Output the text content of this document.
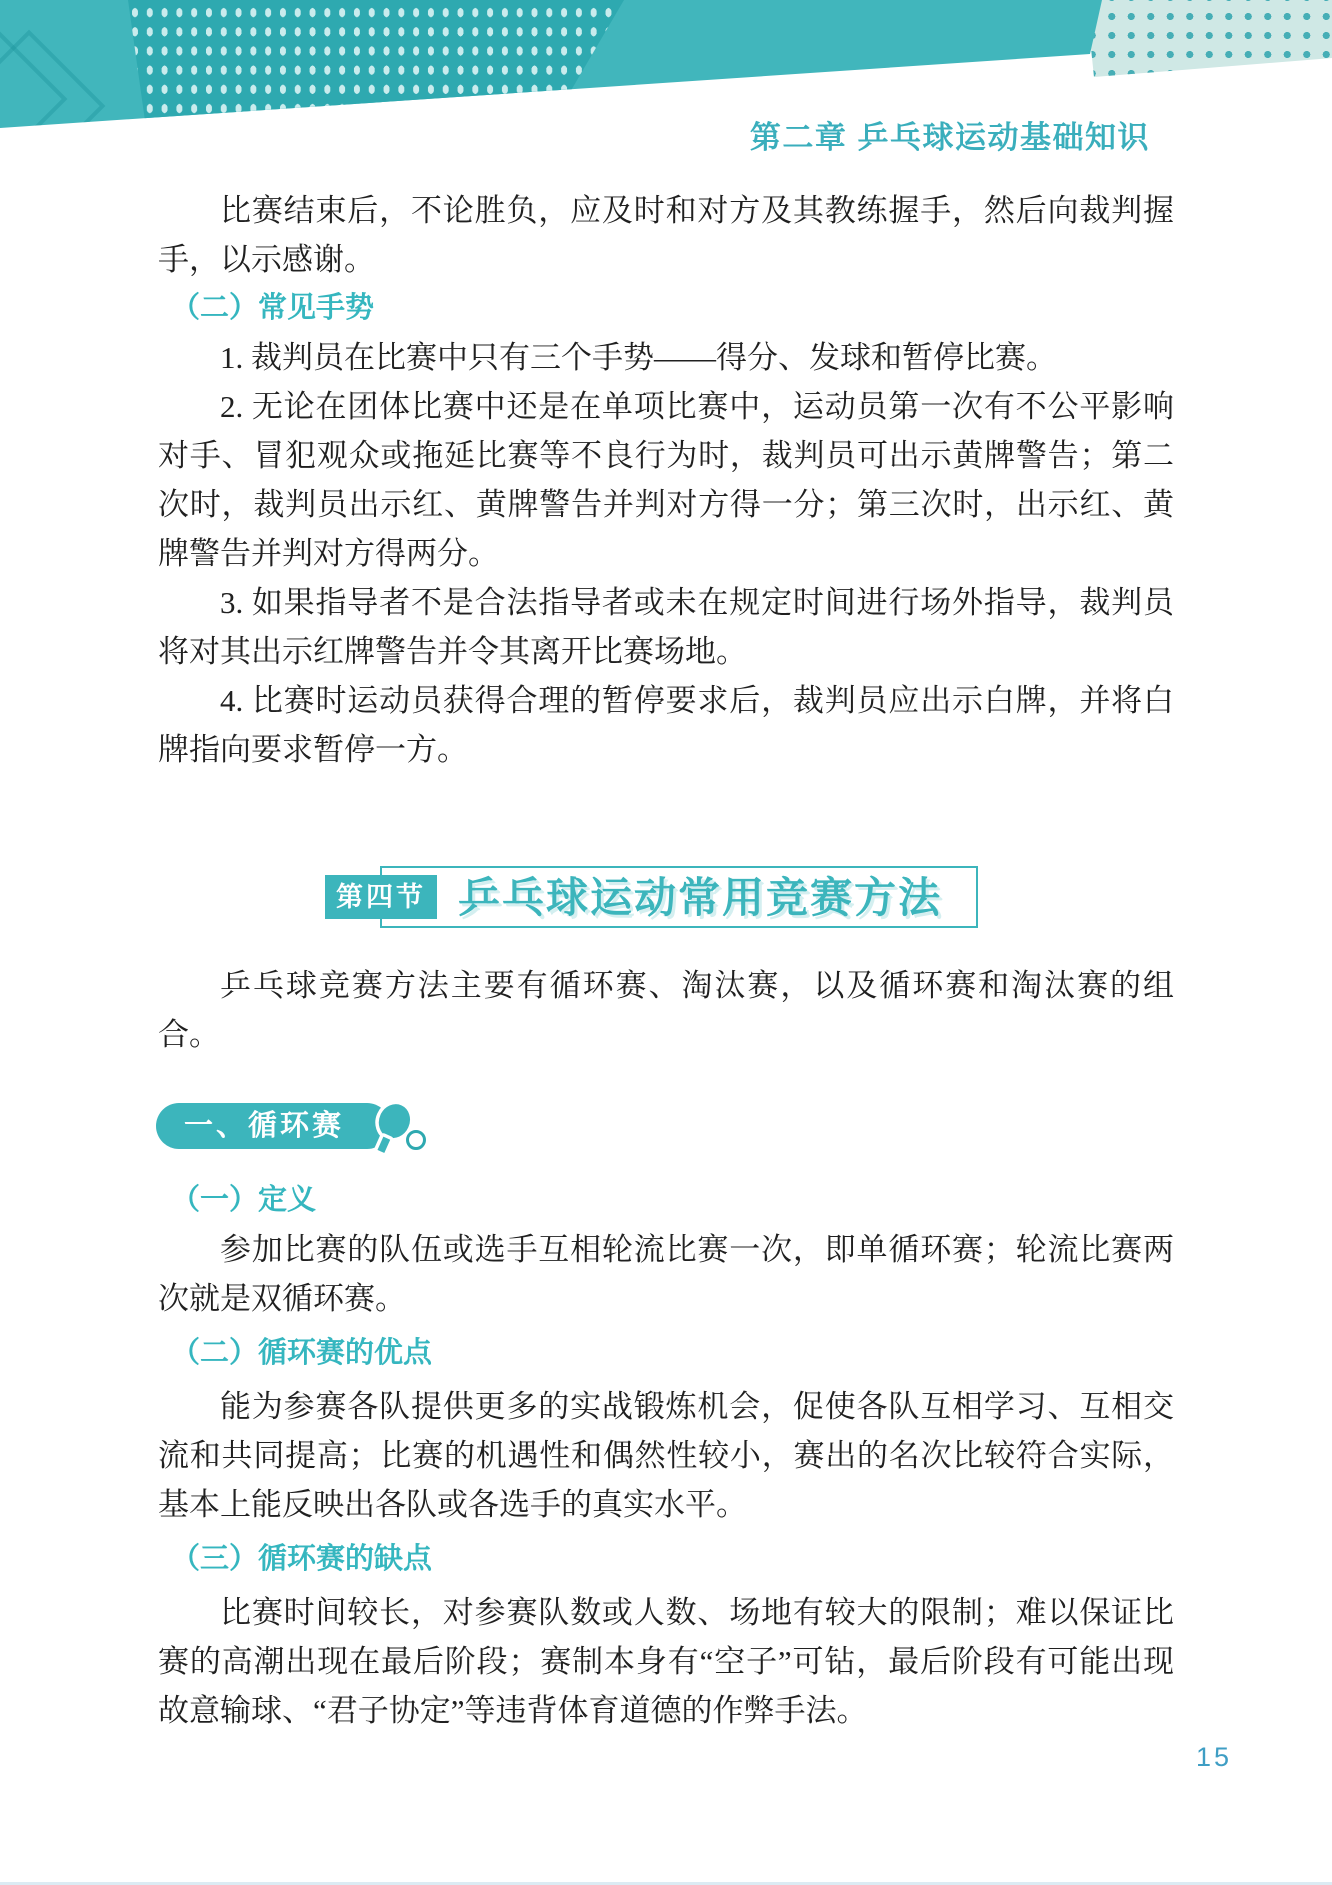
第二章 乒乓球运动基础知识

比赛结束后，不论胜负，应及时和对方及其教练握手，然后向裁判握手，以示感谢。

（二）常见手势

1. 裁判员在比赛中只有三个手势——得分、发球和暂停比赛。

2. 无论在团体比赛中还是在单项比赛中，运动员第一次有不公平影响对手、冒犯观众或拖延比赛等不良行为时，裁判员可出示黄牌警告；第二次时，裁判员出示红、黄牌警告并判对方得一分；第三次时，出示红、黄牌警告并判对方得两分。

3. 如果指导者不是合法指导者或未在规定时间进行场外指导，裁判员将对其出示红牌警告并令其离开比赛场地。

4. 比赛时运动员获得合理的暂停要求后，裁判员应出示白牌，并将白牌指向要求暂停一方。

第四节 乒乓球运动常用竞赛方法

乒乓球竞赛方法主要有循环赛、淘汰赛，以及循环赛和淘汰赛的组合。

一、循环赛
（一）定义

参加比赛的队伍或选手互相轮流比赛一次，即单循环赛；轮流比赛两次就是双循环赛。

（二）循环赛的优点

能为参赛各队提供更多的实战锻炼机会，促使各队互相学习、互相交流和共同提高；比赛的机遇性和偶然性较小，赛出的名次比较符合实际，基本上能反映出各队或各选手的真实水平。

（三）循环赛的缺点

比赛时间较长，对参赛队数或人数、场地有较大的限制；难以保证比赛的高潮出现在最后阶段；赛制本身有“空子”可钻，最后阶段有可能出现故意输球、“君子协定”等违背体育道德的作弊手法。

15
